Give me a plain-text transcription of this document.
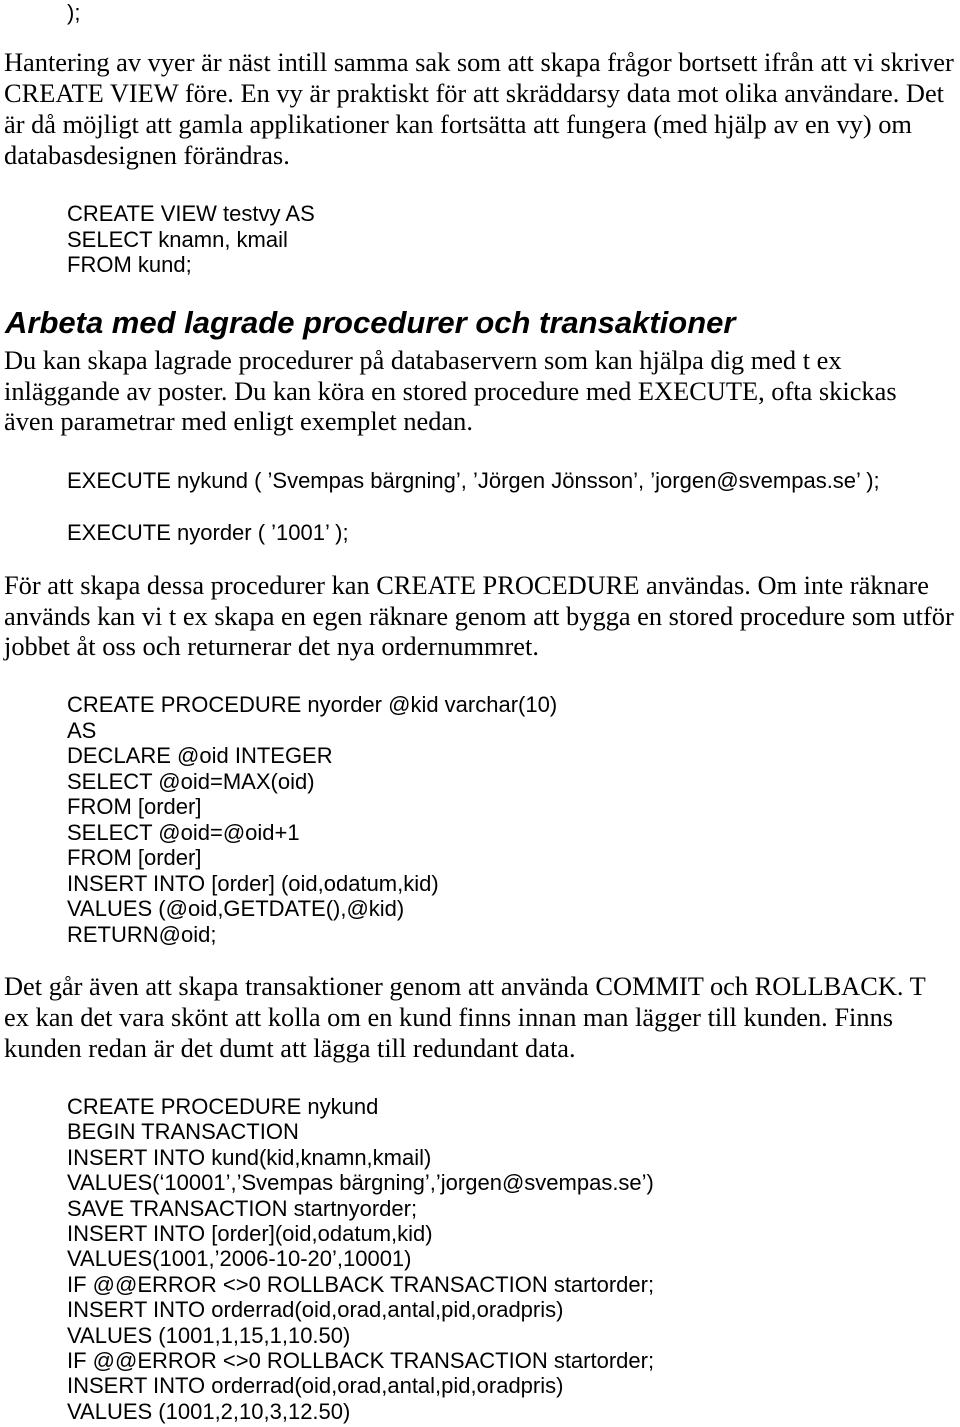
);
Hantering av vyer är näst intill samma sak som att skapa frågor bortsett ifrån att vi skriver
CREATE VIEW före. En vy är praktiskt för att skräddarsy data mot olika användare. Det
är då möjligt att gamla applikationer kan fortsätta att fungera (med hjälp av en vy) om
databasdesignen förändras.
CREATE VIEW testvy AS
SELECT knamn, kmail
FROM kund;
Arbeta med lagrade procedurer och transaktioner
Du kan skapa lagrade procedurer på databaservern som kan hjälpa dig med t ex
inläggande av poster. Du kan köra en stored procedure med EXECUTE, ofta skickas
även parametrar med enligt exemplet nedan.
EXECUTE nykund ( ’Svempas bärgning’, ’Jörgen Jönsson’, ’jorgen@svempas.se’ );
EXECUTE nyorder ( ’1001’ );
För att skapa dessa procedurer kan CREATE PROCEDURE användas. Om inte räknare
används kan vi t ex skapa en egen räknare genom att bygga en stored procedure som utför
jobbet åt oss och returnerar det nya ordernummret.
CREATE PROCEDURE nyorder @kid varchar(10)
AS
DECLARE @oid INTEGER
SELECT @oid=MAX(oid)
FROM [order]
SELECT @oid=@oid+1
FROM [order]
INSERT INTO [order] (oid,odatum,kid)
VALUES (@oid,GETDATE(),@kid)
RETURN@oid;
Det går även att skapa transaktioner genom att använda COMMIT och ROLLBACK. T
ex kan det vara skönt att kolla om en kund finns innan man lägger till kunden. Finns
kunden redan är det dumt att lägga till redundant data.
CREATE PROCEDURE nykund
BEGIN TRANSACTION
INSERT INTO kund(kid,knamn,kmail)
VALUES(‘10001’,’Svempas bärgning’,’jorgen@svempas.se’)
SAVE TRANSACTION startnyorder;
INSERT INTO [order](oid,odatum,kid)
VALUES(1001,’2006-10-20’,10001)
IF @@ERROR <>0 ROLLBACK TRANSACTION startorder;
INSERT INTO orderrad(oid,orad,antal,pid,oradpris)
VALUES (1001,1,15,1,10.50)
IF @@ERROR <>0 ROLLBACK TRANSACTION startorder;
INSERT INTO orderrad(oid,orad,antal,pid,oradpris)
VALUES (1001,2,10,3,12.50)
